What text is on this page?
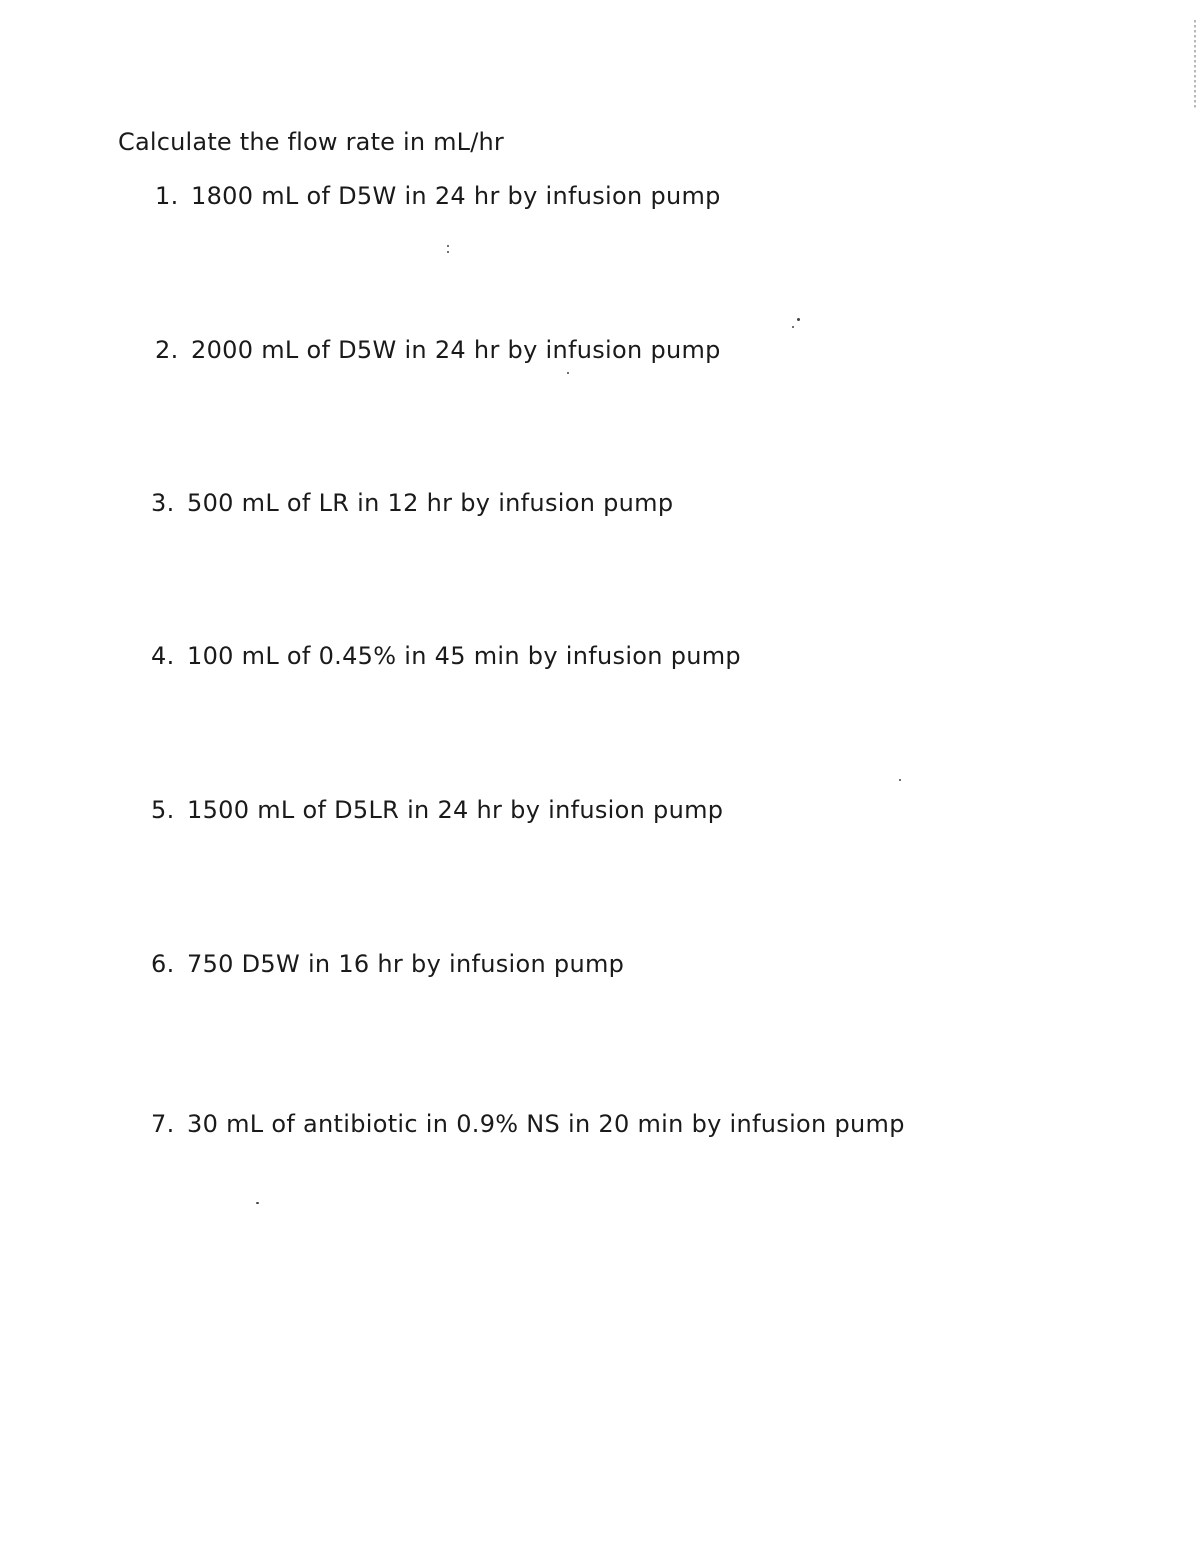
Calculate the flow rate in mL/hr
1. 1800 mL of D5W in 24 hr by infusion pump
2. 2000 mL of D5W in 24 hr by infusion pump
3. 500 mL of LR in 12 hr by infusion pump
4. 100 mL of 0.45% in 45 min by infusion pump
5. 1500 mL of D5LR in 24 hr by infusion pump
6. 750 D5W in 16 hr by infusion pump
7. 30 mL of antibiotic in 0.9% NS in 20 min by infusion pump
